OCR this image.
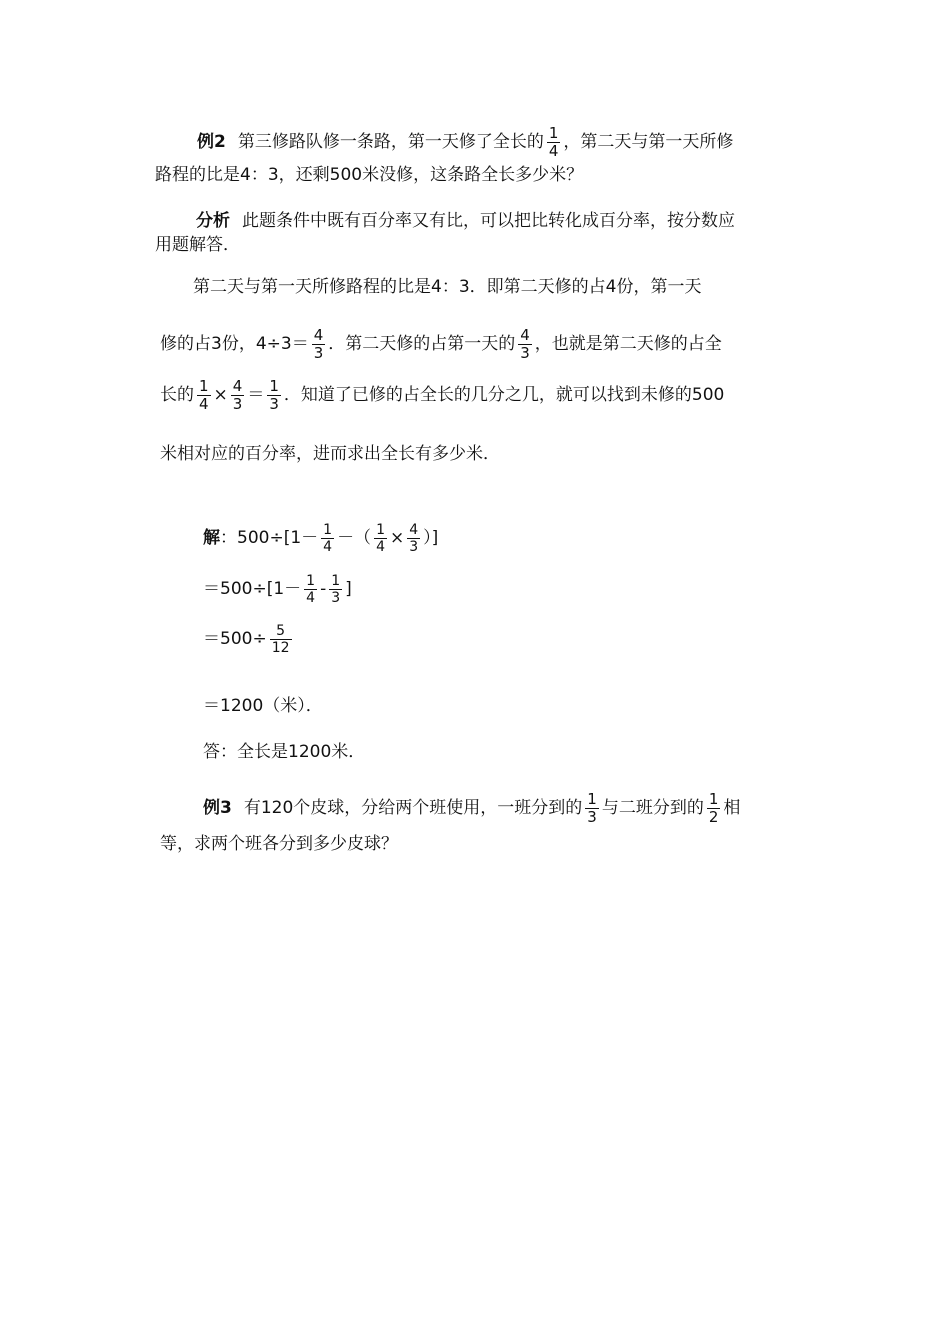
例2 第三修路队修一条路，第一天修了全长的 $\frac{1}{4}$ ，第二天与第一天所修
路程的比是4：3，还剩500米没修，这条路全长多少米？
分析 此题条件中既有百分率又有比，可以把比转化成百分率，按分数应
用题解答．
第二天与第一天所修路程的比是4：3．即第二天修的占4份，第一天
修的占3份，$4\div 3= \frac{4}{3}$ ．第二天修的占第一天的 $\frac{4}{3}$ ，也就是第二天修的占全
长的 $\frac{1}{4} \times \frac{4}{3} = \frac{1}{3}$ ．知道了已修的占全长的几分之几，就可以找到未修的500
米相对应的百分率，进而求出全长有多少米．
解 ：$500\div[1- \frac{1}{4}$ －（ $\frac{1}{4} \times \frac{4}{3}$ ）]
$=500\div[1- \frac{1}{4} - \frac{1}{3}$ ]
$=500\div \frac{5}{12}$
＝1200（米）．
答：全长是1200米．
例3 有120个皮球，分给两个班使用，一班分到的 $\frac{1}{3}$ 与二班分到的 $\frac{1}{2}$ 相
等，求两个班各分到多少皮球？
